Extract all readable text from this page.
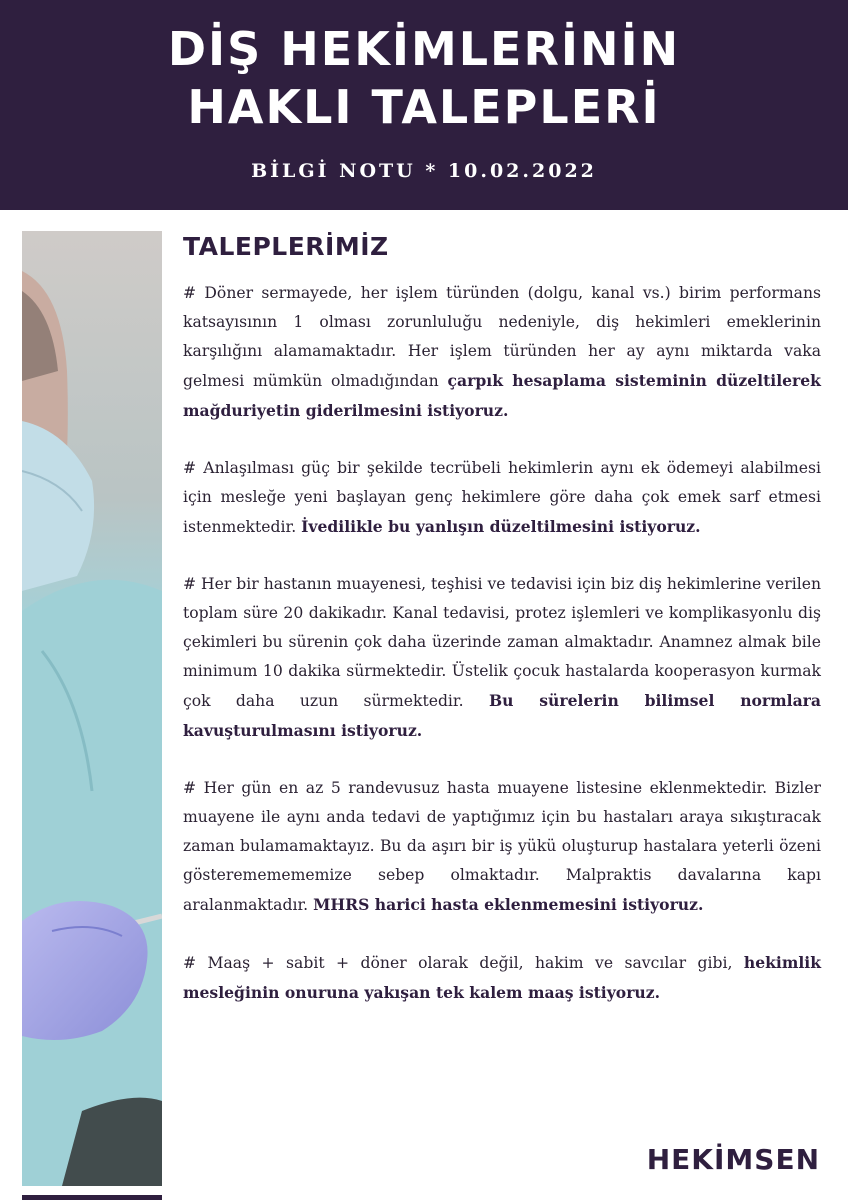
DİŞ HEKİMLERİNİN
HAKLI TALEPLERİ
BİLGİ NOTU * 10.02.2022
TALEPLERİMİZ

# Döner sermayede, her işlem türünden (dolgu, kanal vs.) birim performans katsayısının 1 olması zorunluluğu nedeniyle, diş hekimleri emeklerinin karşılığını alamamaktadır. Her işlem türünden her ay aynı miktarda vaka gelmesi mümkün olmadığından çarpık hesaplama sisteminin düzeltilerek mağduriyetin giderilmesini istiyoruz.

# Anlaşılması güç bir şekilde tecrübeli hekimlerin aynı ek ödemeyi alabilmesi için mesleğe yeni başlayan genç hekimlere göre daha çok emek sarf etmesi istenmektedir. İvedilikle bu yanlışın düzeltilmesini istiyoruz.

# Her bir hastanın muayenesi, teşhisi ve tedavisi için biz diş hekimlerine verilen toplam süre 20 dakikadır. Kanal tedavisi, protez işlemleri ve komplikasyonlu diş çekimleri bu sürenin çok daha üzerinde zaman almaktadır. Anamnez almak bile minimum 10 dakika sürmektedir. Üstelik çocuk hastalarda kooperasyon kurmak çok daha uzun sürmektedir. Bu sürelerin bilimsel normlara kavuşturulmasını istiyoruz.

# Her gün en az 5 randevusuz hasta muayene listesine eklenmektedir. Bizler muayene ile aynı anda tedavi de yaptığımız için bu hastaları araya sıkıştıracak zaman bulamamaktayız. Bu da aşırı bir iş yükü oluşturup hastalara yeterli özeni gösterememememize sebep olmaktadır. Malpraktis davalarına kapı aralanmaktadır. MHRS harici hasta eklenmemesini istiyoruz.

# Maaş + sabit + döner olarak değil, hakim ve savcılar gibi, hekimlik mesleğinin onuruna yakışan tek kalem maaş istiyoruz.

HEKİMSEN
